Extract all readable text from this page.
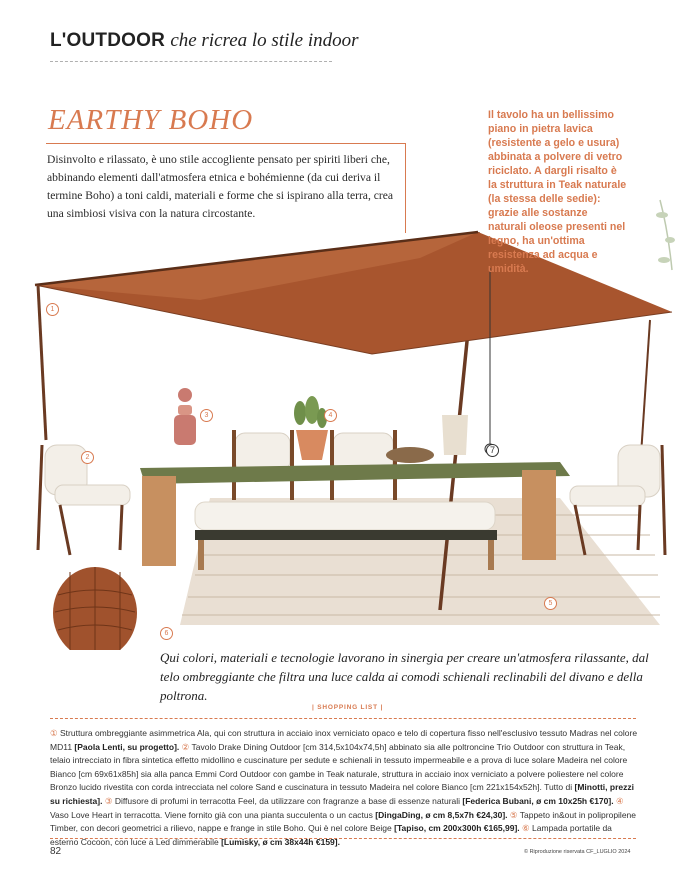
L'OUTDOOR che ricrea lo stile indoor
EARTHY BOHO
Disinvolto e rilassato, è uno stile accogliente pensato per spiriti liberi che, abbinando elementi dall'atmosfera etnica e bohémienne (da cui deriva il termine Boho) a toni caldi, materiali e forme che si ispirano alla terra, crea una simbiosi visiva con la natura circostante.
1
2
3	4
5
6
7
Il tavolo ha un bellissimo piano in pietra lavica (resistente a gelo e usura) abbinata a polvere di vetro riciclato. A dargli risalto è la struttura in Teak naturale (la stessa delle sedie): grazie alle sostanze naturali oleose presenti nel legno, ha un'ottima resistenza ad acqua e umidità.
Qui colori, materiali e tecnologie lavorano in sinergia per creare un'atmosfera rilassante, dal telo ombreggiante che filtra una luce calda ai comodi schienali reclinabili del divano e della poltrona.
| SHOPPING LIST |
① Struttura ombreggiante asimmetrica Ala, qui con struttura in acciaio inox verniciato opaco e telo di copertura fisso nell'esclusivo tessuto Madras nel colore MD11 [Paola Lenti, su progetto]. ② Tavolo Drake Dining Outdoor [cm 314,5x104x74,5h] abbinato sia alle poltroncine Trio Outdoor con struttura in Teak, telaio intrecciato in fibra sintetica effetto midollino e cuscinature per sedute e schienali in tessuto impermeabile e a prova di luce solare Madeira nel colore Bianco [cm 69x61x85h] sia alla panca Emmi Cord Outdoor con gambe in Teak naturale, struttura in acciaio inox verniciato a polvere poliestere nel colore Bronzo lucido rivestita con corda intrecciata nel colore Sand e cuscinatura in tessuto Madeira nel colore Bianco [cm 221x154x52h]. Tutto di [Minotti, prezzi su richiesta]. ③ Diffusore di profumi in terracotta Feel, da utilizzare con fragranze a base di essenze naturali [Federica Bubani, ø cm 10x25h €170]. ④ Vaso Love Heart in terracotta. Viene fornito già con una pianta succulenta o un cactus [DingaDing, ø cm 8,5x7h €24,30]. ⑤ Tappeto in&out in polipropilene Timber, con decori geometrici a rilievo, nappe e frange in stile Boho. Qui è nel colore Beige [Tapiso, cm 200x300h €165,99]. ⑥ Lampada portatile da esterno Cocoon, con luce a Led dimmerabile [Lumisky, ø cm 38x44h €159].
82	© Riproduzione riservata CF_LUGLIO 2024
